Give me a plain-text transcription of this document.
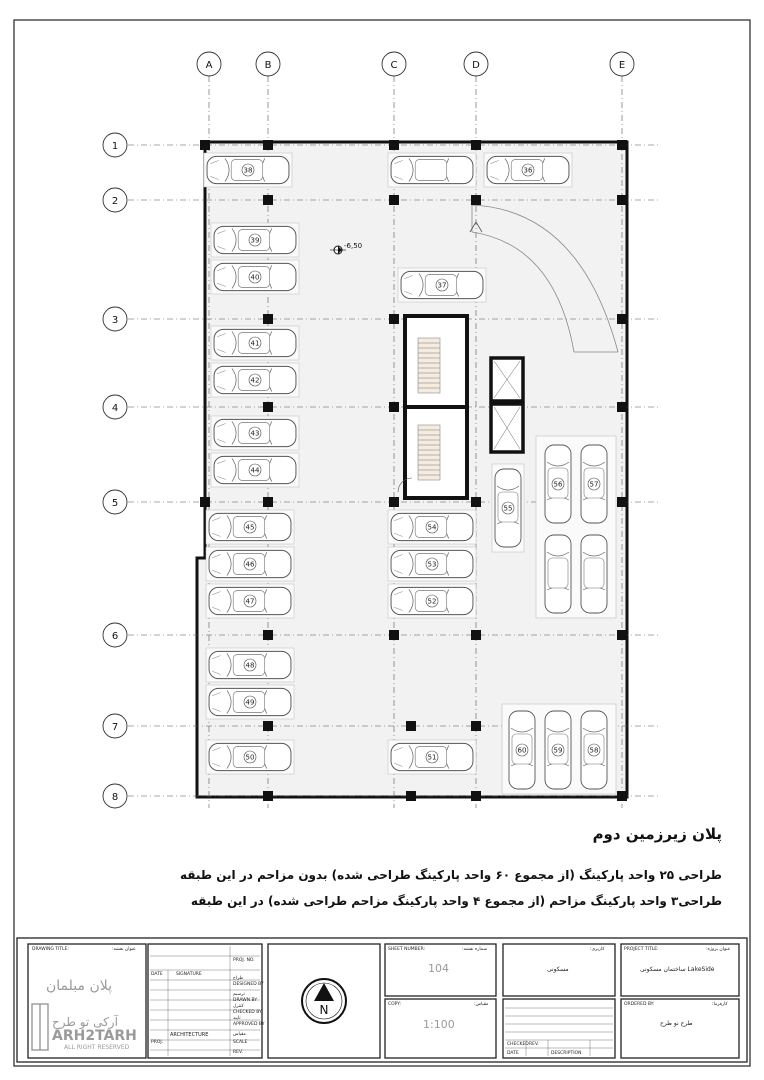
A	B	C	D	E
1
2
3
4
5
6
7
8
-6,50
38	36
39
40
37
41
42
43
44
45
46
47
54
53
52
48
49
50	51
55
56	57
60	59	58
N
پلان زیرزمین دوم
طراحی ۲۵ واحد پارکینگ (از مجموع ۶۰ واحد پارکینگ طراحی شده) بدون مزاحم در این طبقه
طراحی۳ واحد پارکینگ مزاحم (از مجموع ۴ واحد پارکینگ مزاحم طراحی شده) در این طبقه
DRAWING TITLE:	عنوان نقشه:
پلان مبلمان
آرکی تو طرح
ARH2TARH
ALL RIGHT RESERVED
PROJ. NO.
DATE	SIGNATURE
طراح
DESIGNED BY
ترسیم
DRAWN BY
کنترل
CHECKED BY
تایید
APPROVED BY
ARCHITECTURE	مقیاس
SCALE
PROJ.
REV.
SHEET NUMBER:	شماره نقشه:
104
COPY:	مقیاس:
1:100
کاربری:
مسکونی
DATE
REV.
CHECKED
DESCRIPTION
PROJECT TITLE:	عنوان پروژه:
ساختمان مسکونی LakeSide
ORDERED BY:	کارفرما:
طرح نو طرح
